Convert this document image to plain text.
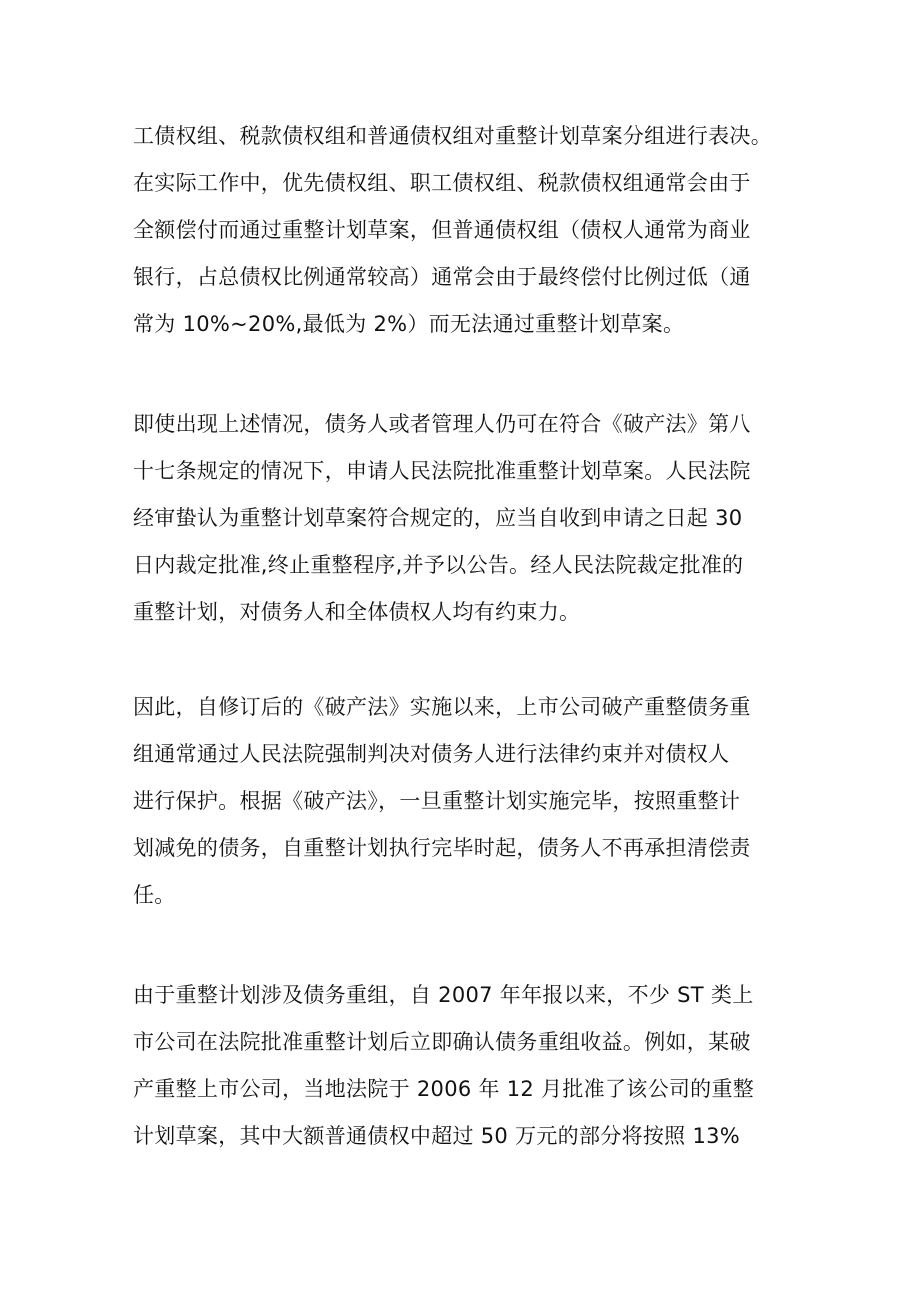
工债权组、税款债权组和普通债权组对重整计划草案分组进行表决。
在实际工作中，优先债权组、职工债权组、税款债权组通常会由于
全额偿付而通过重整计划草案，但普通债权组（债权人通常为商业
银行，占总债权比例通常较高）通常会由于最终偿付比例过低（通
常为 10%~20%,最低为 2%）而无法通过重整计划草案。
即使出现上述情况，债务人或者管理人仍可在符合《破产法》第八
十七条规定的情况下，申请人民法院批准重整计划草案。人民法院
经审蛰认为重整计划草案符合规定的，应当自收到申请之日起 30
日内裁定批准,终止重整程序,并予以公告。经人民法院裁定批准的
重整计划，对债务人和全体债权人均有约束力。
因此，自修订后的《破产法》实施以来，上市公司破产重整债务重
组通常通过人民法院强制判决对债务人进行法律约束并对债权人
进行保护。根据《破产法》，一旦重整计划实施完毕，按照重整计
划减免的债务，自重整计划执行完毕时起，债务人不再承担清偿责
任。
由于重整计划涉及债务重组，自 2007 年年报以来，不少 ST 类上
市公司在法院批准重整计划后立即确认债务重组收益。例如，某破
产重整上市公司，当地法院于 2006 年 12 月批准了该公司的重整
计划草案，其中大额普通债权中超过 50 万元的部分将按照 13%
